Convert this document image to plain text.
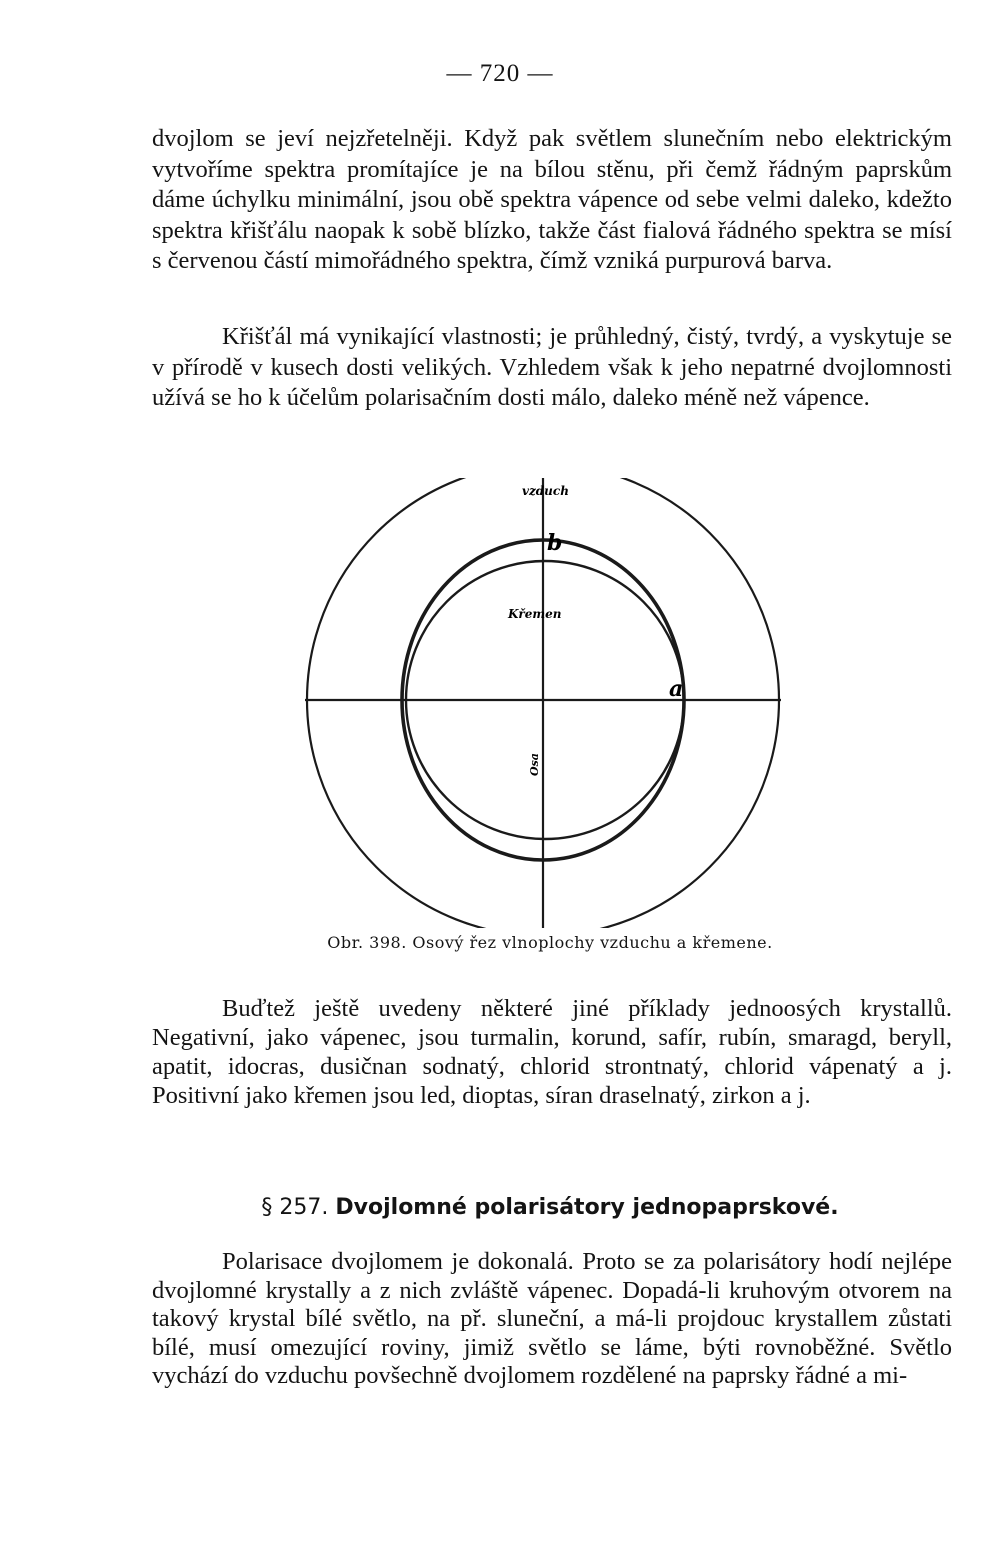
— 720 —

dvojlom se jeví nejzřetelněji. Když pak světlem slunečním nebo elektrickým vytvoříme spektra promítajíce je na bílou stěnu, při čemž řádným paprskům dáme úchylku minimální, jsou obě spektra vápence od sebe velmi daleko, kdežto spektra křišťálu naopak k sobě blízko, takže část fialová řádného spektra se mísí s červenou částí mimořádného spektra, čímž vzniká purpurová barva.

Křišťál má vynikající vlastnosti; je průhledný, čistý, tvrdý, a vyskytuje se v přírodě v kusech dosti velikých. Vzhledem však k jeho nepatrné dvojlomnosti užívá se ho k účelům polarisačním dosti málo, daleko méně než vápence.

vzduch
b
Křemen
a
Osa
Obr. 398. Osový řez vlnoplochy vzduchu a křemene.

Buďtež ještě uvedeny některé jiné příklady jednoosých krystallů. Negativní, jako vápenec, jsou turmalin, korund, safír, rubín, smaragd, beryll, apatit, idocras, dusičnan sodnatý, chlorid strontnatý, chlorid vápenatý a j. Positivní jako křemen jsou led, dioptas, síran draselnatý, zirkon a j.

§ 257. Dvojlomné polarisátory jednopaprskové.

Polarisace dvojlomem je dokonalá. Proto se za polarisátory hodí nejlépe dvojlomné krystally a z nich zvláště vápenec. Dopadá-li kruhovým otvorem na takový krystal bílé světlo, na př. sluneční, a má-li projdouc krystallem zůstati bílé, musí omezující roviny, jimiž světlo se láme, býti rovnoběžné. Světlo vychází do vzduchu povšechně dvojlomem rozdělené na paprsky řádné a mi-
